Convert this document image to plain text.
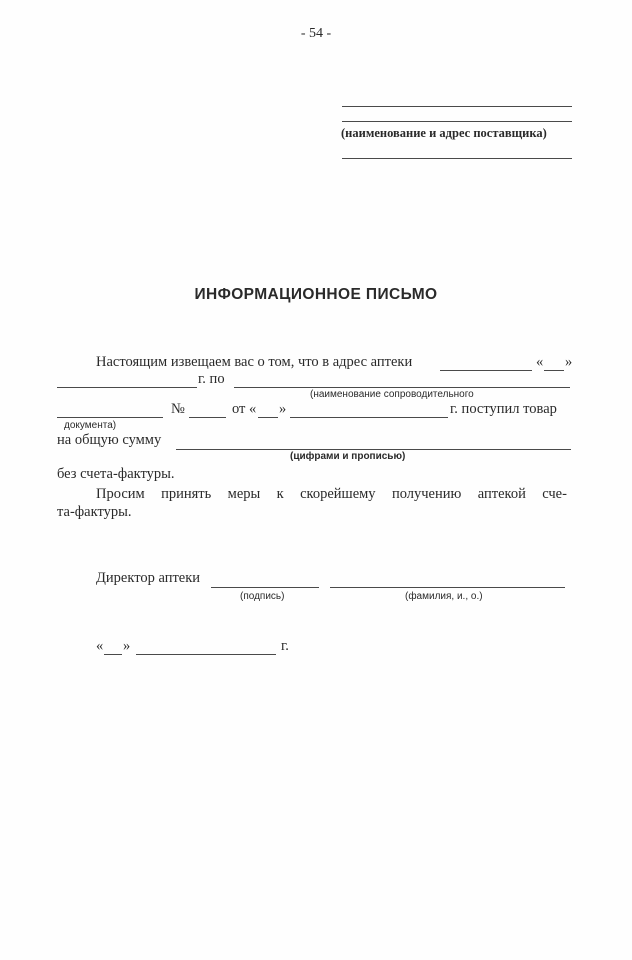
- 54 -
(наименование и адрес поставщика)
ИНФОРМАЦИОННОЕ ПИСЬМО
Настоящим извещаем вас о том, что в адрес аптеки	« »
г. по
(наименование сопроводительного
№	от « »	г. поступил товар
документа)
на общую сумму
(цифрами и прописью)
без счета-фактуры.
Просим принять меры к скорейшему получению аптекой сче-
та-фактуры.
Директор аптеки
(подпись)	(фамилия, и., о.)
« »	г.
